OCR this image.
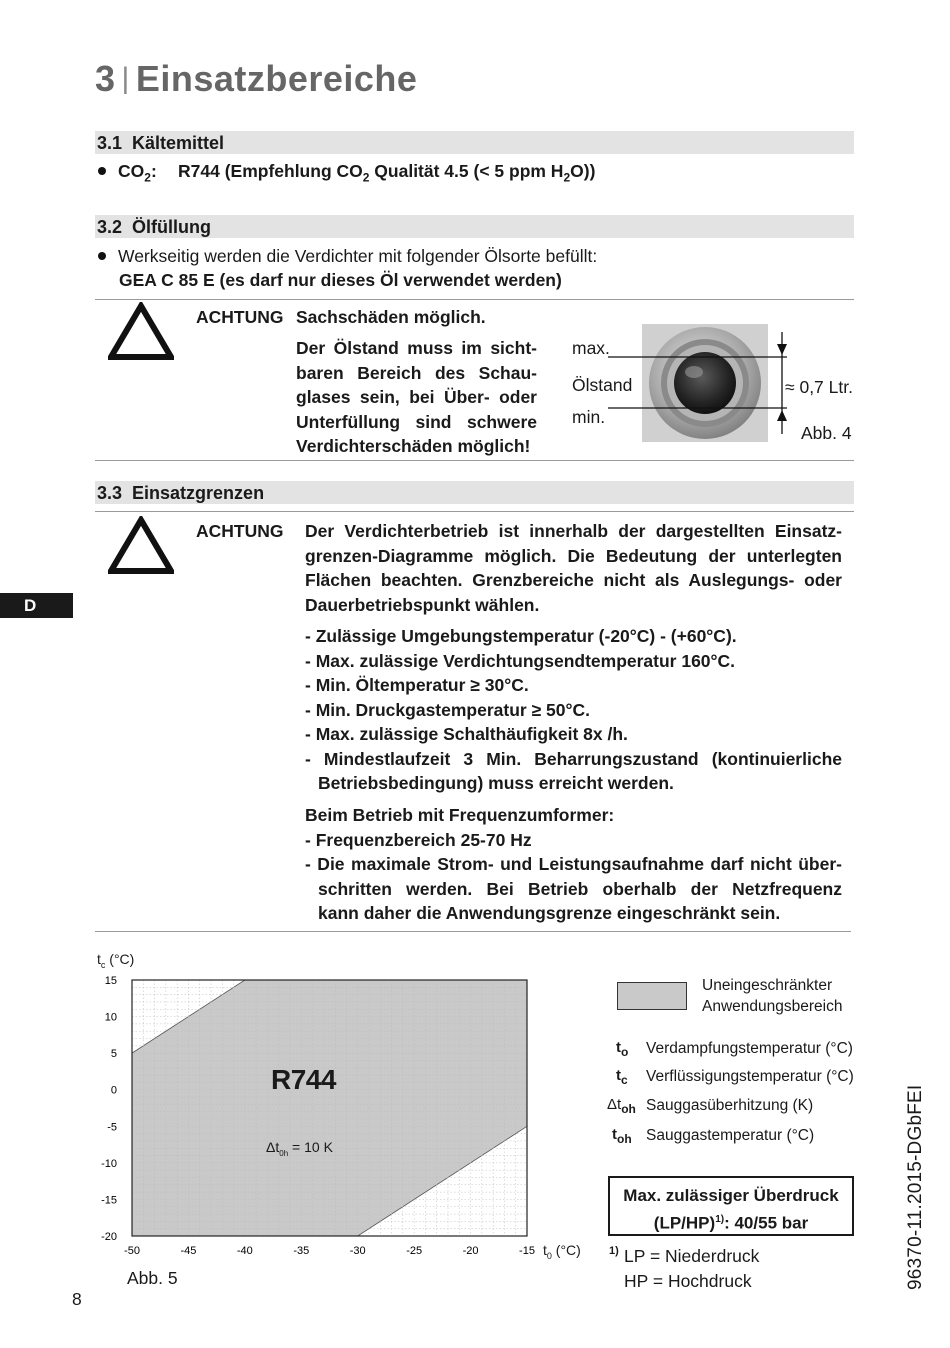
3 | Einsatzbereiche
3.1 Kältemittel
$CO_2$: R744 (Empfehlung $CO_2$ Qualität 4.5 (< 5 ppm $H_2O$))
3.2 Ölfüllung
Werkseitig werden die Verdichter mit folgender Ölsorte befüllt:
GEA C 85 E (es darf nur dieses Öl verwendet werden)
ACHTUNG Sachschäden möglich.
Der Ölstand muss im sicht-
baren Bereich des Schau-
glases sein, bei Über- oder
Unterfüllung sind schwere
Verdichterschäden möglich!
max.
Ölstand
min.
≈ 0,7 Ltr.
Abb. 4
3.3 Einsatzgrenzen
ACHTUNG Der Verdichterbetrieb ist innerhalb der dargestellten Einsatz-
grenzen-Diagramme möglich. Die Bedeutung der unterlegten
Flächen beachten. Grenzbereiche nicht als Auslegungs- oder
Dauerbetriebspunkt wählen.
- Zulässige Umgebungstemperatur (-20°C) - (+60°C).
- Max. zulässige Verdichtungsendtemperatur 160°C.
- Min. Öltemperatur ≥ 30°C.
- Min. Druckgastemperatur ≥ 50°C.
- Max. zulässige Schalthäufigkeit 8x /h.
- Mindestlaufzeit 3 Min. Beharrungszustand (kontinuierliche
Betriebsbedingung) muss erreicht werden.
Beim Betrieb mit Frequenzumformer:
- Frequenzbereich 25-70 Hz
- Die maximale Strom- und Leistungsaufnahme darf nicht über-
schritten werden. Bei Betrieb oberhalb der Netzfrequenz
kann daher die Anwendungsgrenze eingeschränkt sein.
D
$t_c$ (°C)
-50	-45	-40	-35	-30	-25	-20	-15
15
10
5
0
-5
-10
-15
-20
$t_0$ (°C)
R744
$\Delta t_{0h} = 10$ K
Abb. 5
Uneingeschränkter
Anwendungsbereich
$t_o$ Verdampfungstemperatur (°C)
$t_c$ Verflüssigungstemperatur (°C)
$\Delta t_{oh}$ Sauggasüberhitzung (K)
$t_{oh}$ Sauggastemperatur (°C)
Max. zulässiger Überdruck
$(LP/HP)^{1)}$: 40/55 bar
1) LP = Niederdruck
HP = Hochdruck
8
96370-11.2015-DGbFEI
